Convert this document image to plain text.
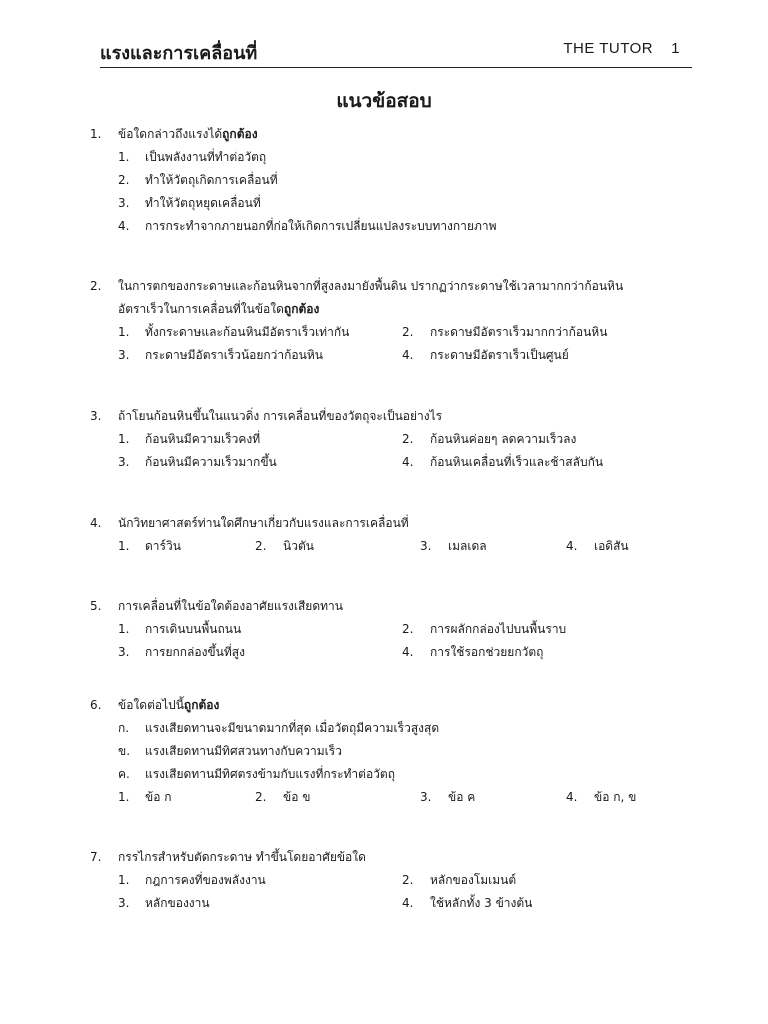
แรงและการเคลื่อนที่	THE TUTOR 1
แนวข้อสอบ
1. ข้อใดกล่าวถึงแรงได้ถูกต้อง
1. เป็นพลังงานที่ทำต่อวัตถุ
2. ทำให้วัตถุเกิดการเคลื่อนที่
3. ทำให้วัตถุหยุดเคลื่อนที่
4. การกระทำจากภายนอกที่ก่อให้เกิดการเปลี่ยนแปลงระบบทางกายภาพ
2. ในการตกของกระดาษและก้อนหินจากที่สูงลงมายังพื้นดิน ปรากฏว่ากระดาษใช้เวลามากกว่าก้อนหิน
อัตราเร็วในการเคลื่อนที่ในข้อใดถูกต้อง
1. ทั้งกระดาษและก้อนหินมีอัตราเร็วเท่ากัน	2. กระดาษมีอัตราเร็วมากกว่าก้อนหิน
3. กระดาษมีอัตราเร็วน้อยกว่าก้อนหิน	4. กระดาษมีอัตราเร็วเป็นศูนย์
3. ถ้าโยนก้อนหินขึ้นในแนวดิ่ง การเคลื่อนที่ของวัตถุจะเป็นอย่างไร
1. ก้อนหินมีความเร็วคงที่	2. ก้อนหินค่อยๆ ลดความเร็วลง
3. ก้อนหินมีความเร็วมากขึ้น	4. ก้อนหินเคลื่อนที่เร็วและช้าสลับกัน
4. นักวิทยาศาสตร์ท่านใดศึกษาเกี่ยวกับแรงและการเคลื่อนที่
1. ดาร์วิน	2. นิวตัน	3. เมลเดล	4. เอดิสัน
5. การเคลื่อนที่ในข้อใดต้องอาศัยแรงเสียดทาน
1. การเดินบนพื้นถนน	2. การผลักกล่องไปบนพื้นราบ
3. การยกกล่องขึ้นที่สูง	4. การใช้รอกช่วยยกวัตถุ
6. ข้อใดต่อไปนี้ถูกต้อง
ก. แรงเสียดทานจะมีขนาดมากที่สุด เมื่อวัตถุมีความเร็วสูงสุด
ข. แรงเสียดทานมีทิศสวนทางกับความเร็ว
ค. แรงเสียดทานมีทิศตรงข้ามกับแรงที่กระทำต่อวัตถุ
1. ข้อ ก	2. ข้อ ข	3. ข้อ ค	4. ข้อ ก, ข
7. กรรไกรสำหรับตัดกระดาษ ทำขึ้นโดยอาศัยข้อใด
1. กฎการคงที่ของพลังงาน	2. หลักของโมเมนต์
3. หลักของงาน	4. ใช้หลักทั้ง 3 ข้างต้น
